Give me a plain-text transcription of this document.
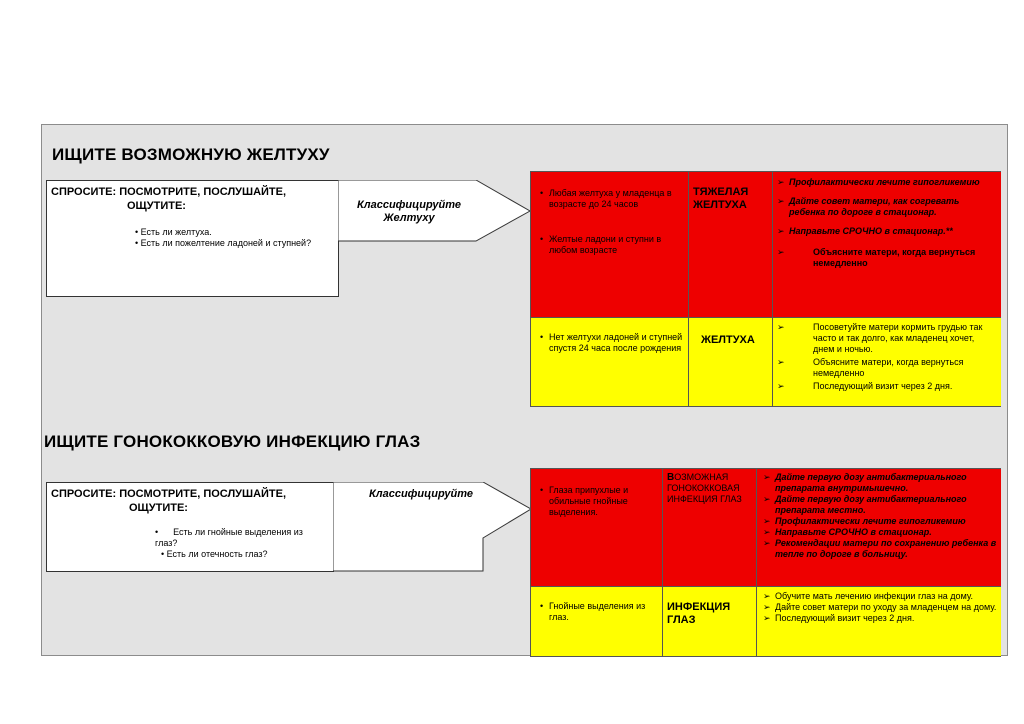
ИЩИТЕ ВОЗМОЖНУЮ ЖЕЛТУХУ
СПРОСИТЕ: ПОСМОТРИТЕ, ПОСЛУШАЙТЕ,
ОЩУТИТЕ:
• Есть ли желтуха.
• Есть ли пожелтение ладоней и ступней?
Классифицируйте
Желтуху
• Любая желтуха у младенца в возрасте до 24 часов
• Желтые ладони и ступни в любом возрасте
ТЯЖЕЛАЯ
ЖЕЛТУХА
➢ Профилактически лечите гипогликемию
➢ Дайте совет матери, как согревать ребенка по дороге в стационар.
➢ Направьте СРОЧНО в стационар.**
➢ Объясните матери, когда вернуться немедленно
• Нет желтухи ладоней и ступней спустя 24 часа после рождения
ЖЕЛТУХА
➢ Посоветуйте матери кормить грудью так часто и так долго, как младенец хочет, днем и ночью.
➢ Объясните матери, когда вернуться немедленно
➢ Последующий визит через 2 дня.
ИЩИТЕ ГОНОКОККОВУЮ ИНФЕКЦИЮ ГЛАЗ
СПРОСИТЕ: ПОСМОТРИТЕ, ПОСЛУШАЙТЕ,
ОЩУТИТЕ:
•      Есть ли гнойные выделения из глаз?
• Есть ли отечность глаз?
Классифицируйте
•	Глаза припухлые и обильные гнойные выделения.
ВОЗМОЖНАЯ ГОНОКОККОВАЯ ИНФЕКЦИЯ ГЛАЗ
➢ Дайте первую дозу антибактериального препарата внутримышечно.
➢ Дайте первую дозу антибактериального препарата местно.
➢ Профилактически лечите гипогликемию
➢ Направьте СРОЧНО в стационар.
➢ Рекомендации матери по сохранению ребенка в тепле по дороге в больницу.
• Гнойные выделения из глаз.
ИНФЕКЦИЯ
ГЛАЗ
➢ Обучите мать лечению инфекции глаз на дому.
➢ Дайте совет матери по уходу за младенцем на дому.
➢ Последующий визит через 2 дня.
